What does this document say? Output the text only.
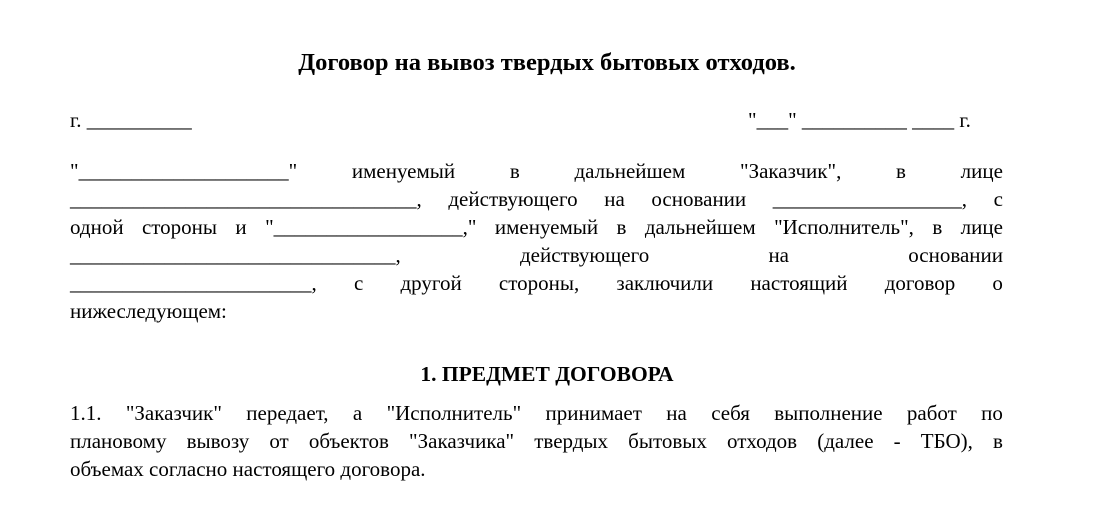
Договор на вывоз твердых бытовых отходов.
г. __________	"___" __________ ____ г.
"____________________"	именуемый	в	дальнейшем	"Заказчик",	в	лице
_________________________________, действующего на основании __________________, с
одной стороны и "__________________," именуемый в дальнейшем "Исполнитель", в лице
_______________________________,	действующего	на	основании
_______________________, с другой стороны, заключили настоящий договор о
нижеследующем:
1. ПРЕДМЕТ ДОГОВОРА
1.1. "Заказчик" передает, а "Исполнитель" принимает на себя выполнение работ по
плановому вывозу от объектов "Заказчика" твердых бытовых отходов (далее - ТБО), в
объемах согласно настоящего договора.
